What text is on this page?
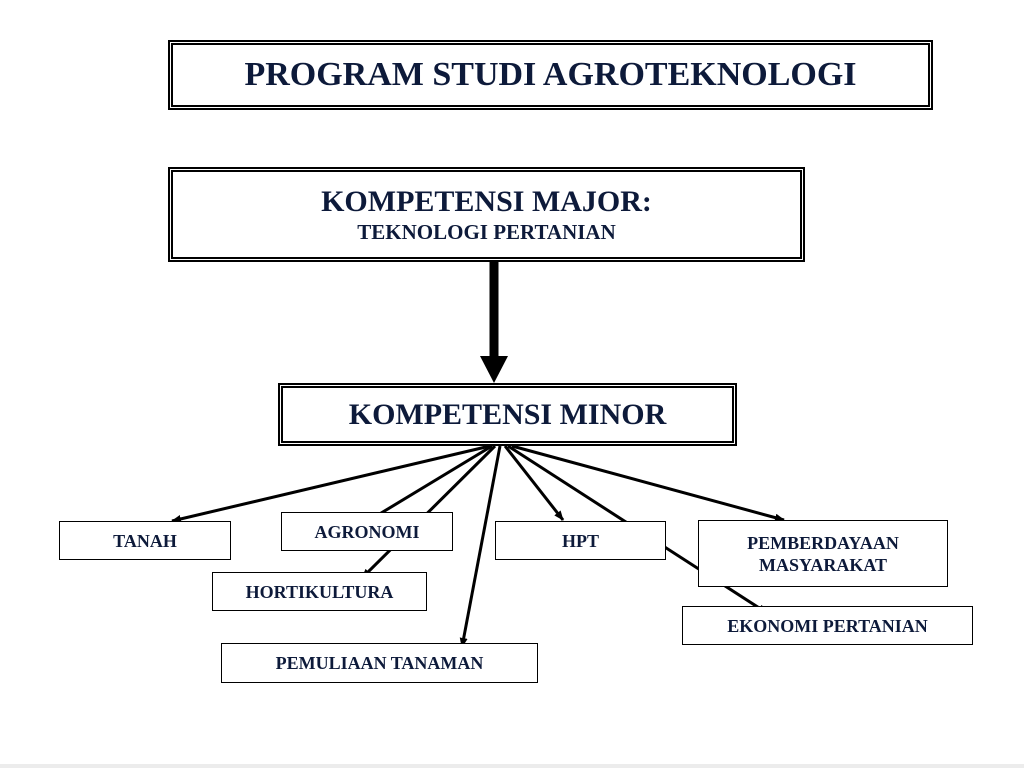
PROGRAM STUDI AGROTEKNOLOGI
KOMPETENSI MAJOR:
TEKNOLOGI PERTANIAN
KOMPETENSI MINOR
TANAH	AGRONOMI	HPT	PEMBERDAYAAN
MASYARAKAT
HORTIKULTURA
EKONOMI PERTANIAN
PEMULIAAN TANAMAN
